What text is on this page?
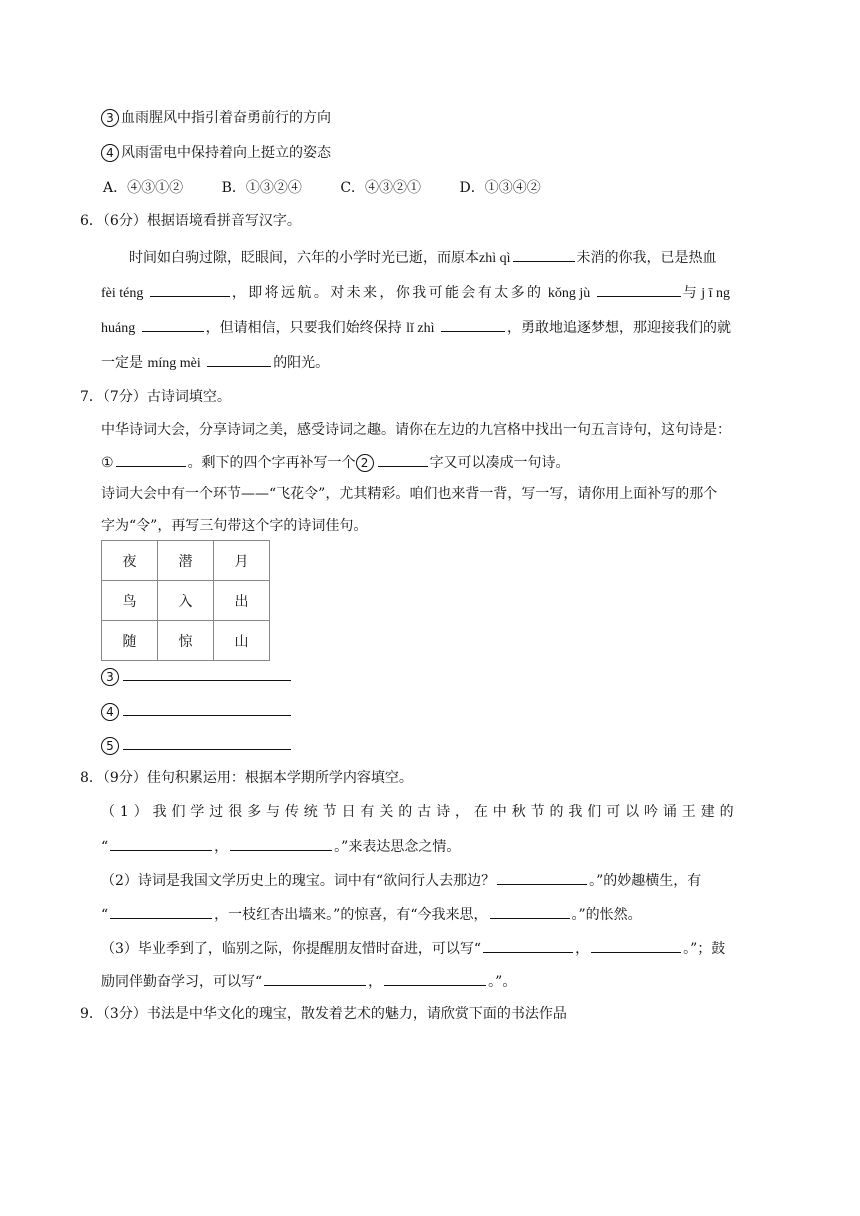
3 血雨腥风中指引着奋勇前行的方向
4 风雨雷电中保持着向上挺立的姿态
A．④③①②	B．①③②④	C．④③②①	D．①③④②
6．（6分）根据语境看拼音写汉字。
时间如白驹过隙，眨眼间，六年的小学时光已逝，而原本zhì qì	未消的你我，已是热血
fèi téng	，即将远航。对未来，你我可能会有太多的 kǒng jù	与 j ī ng
huáng	，但请相信，只要我们始终保持 lǐ zhì	，勇敢地追逐梦想，那迎接我们的就
一定是 míng mèi	的阳光。
7．（7分）古诗词填空。
中华诗词大会，分享诗词之美，感受诗词之趣。请你在左边的九宫格中找出一句五言诗句，这句诗是：
①	。剩下的四个字再补写一个 2	字又可以凑成一句诗。
诗词大会中有一个环节——“飞花令”，尤其精彩。咱们也来背一背，写一写，请你用上面补写的那个
字为“令”，再写三句带这个字的诗词佳句。
夜	潜	月
鸟	入	出
随	惊	山
3
4
5
8．（9分）佳句积累运用：根据本学期所学内容填空。
（1）我们学过很多与传统节日有关的古诗，在中秋节的我们可以吟诵王建的
“	，	。”来表达思念之情。
（2）诗词是我国文学历史上的瑰宝。词中有“欲问行人去那边？	。”的妙趣横生，有
“	，一枝红杏出墙来。”的惊喜，有“今我来思，	。”的怅然。
（3）毕业季到了，临别之际，你提醒朋友惜时奋进，可以写“	，	。”；鼓
励同伴勤奋学习，可以写“	，	。”。
9．（3分）书法是中华文化的瑰宝，散发着艺术的魅力，请欣赏下面的书法作品
